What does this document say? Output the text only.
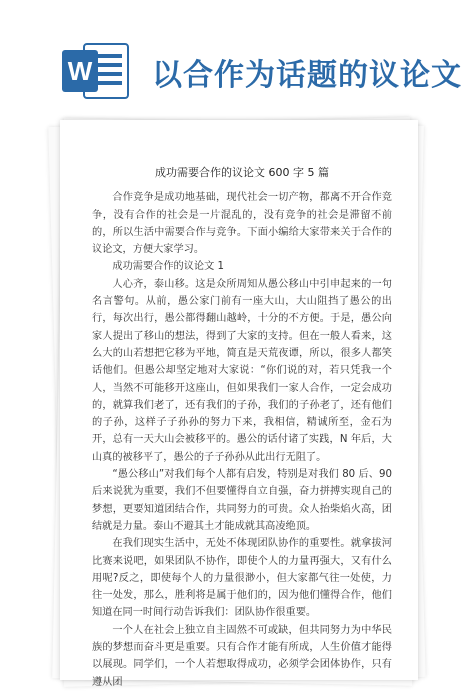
W 以合作为话题的议论文

成功需要合作的议论文 600 字 5 篇

合作竞争是成功地基础，现代社会一切产物，都离不开合作竞争，没有合作的社会是一片混乱的，没有竞争的社会是滞留不前的，所以生活中需要合作与竞争。下面小编给大家带来关于合作的议论文，方便大家学习。

成功需要合作的议论文 1

人心齐，泰山移。这是众所周知从愚公移山中引申起来的一句名言警句。从前，愚公家门前有一座大山，大山阻挡了愚公的出行，每次出行，愚公都得翻山越岭，十分的不方便。于是，愚公向家人提出了移山的想法，得到了大家的支持。但在一般人看来，这么大的山若想把它移为平地，简直是天荒夜谭，所以，很多人都笑话他们。但愚公却坚定地对大家说：“你们说的对，若只凭我一个人，当然不可能移开这座山，但如果我们一家人合作，一定会成功的，就算我们老了，还有我们的子孙，我们的子孙老了，还有他们的子孙，这样子子孙孙的努力下来，我相信，精诚所至，金石为开，总有一天大山会被移平的。愚公的话付诸了实践，N 年后，大山真的被移平了，愚公的子子孙孙从此出行无阻了。

“愚公移山”对我们每个人都有启发，特别是对我们 80 后、90 后来说犹为重要，我们不但要懂得自立自强，奋力拼搏实现自己的梦想，更要知道团结合作，共同努力的可贵。众人抬柴焰火高，团结就是力量。泰山不避其土才能成就其高凌绝顶。

在我们现实生活中，无处不体现团队协作的重要性。就拿拔河比赛来说吧，如果团队不协作，即使个人的力量再强大，又有什么用呢?反之，即使每个人的力量很渺小，但大家都气往一处使，力往一处发，那么，胜利将是属于他们的，因为他们懂得合作，他们知道在同一时间行动告诉我们：团队协作很重要。

一个人在社会上独立自主固然不可或缺，但共同努力为中华民族的梦想而奋斗更是重要。只有合作才能有所成，人生价值才能得以展现。同学们，一个人若想取得成功，必须学会团体协作，只有遵从团
